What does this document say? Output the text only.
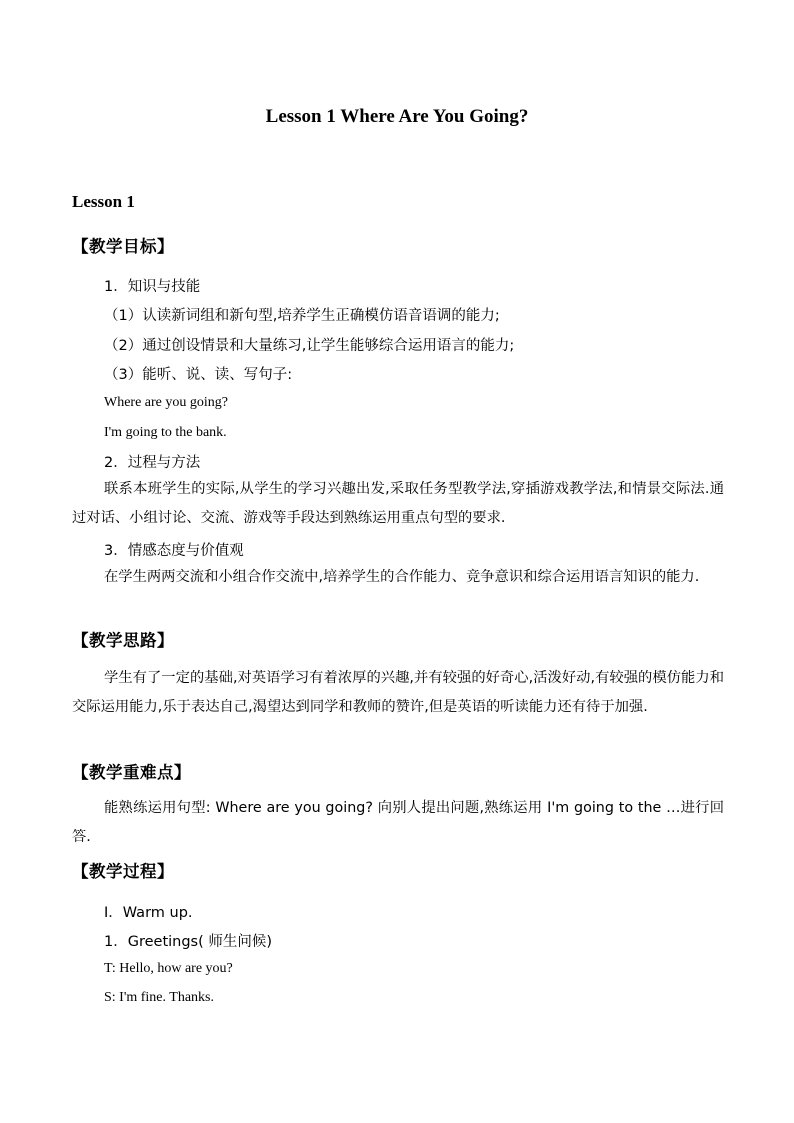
Lesson 1 Where Are You Going?
Lesson 1
【教学目标】
1．知识与技能
（1）认读新词组和新句型,培养学生正确模仿语音语调的能力;
（2）通过创设情景和大量练习,让学生能够综合运用语言的能力;
（3）能听、说、读、写句子:
Where are you going?
I'm going to the bank.
2．过程与方法

联系本班学生的实际,从学生的学习兴趣出发,采取任务型教学法,穿插游戏教学法,和情景交际法.通过对话、小组讨论、交流、游戏等手段达到熟练运用重点句型的要求.

3．情感态度与价值观

在学生两两交流和小组合作交流中,培养学生的合作能力、竞争意识和综合运用语言知识的能力.

【教学思路】

学生有了一定的基础,对英语学习有着浓厚的兴趣,并有较强的好奇心,活泼好动,有较强的模仿能力和交际运用能力,乐于表达自己,渴望达到同学和教师的赞许,但是英语的听读能力还有待于加强.

【教学重难点】

能熟练运用句型: Where are you going? 向别人提出问题,熟练运用 I'm going to the …进行回答.

【教学过程】
Ⅰ．Warm up.
1．Greetings( 师生问候)
T: Hello, how are you?
S: I'm fine. Thanks.
